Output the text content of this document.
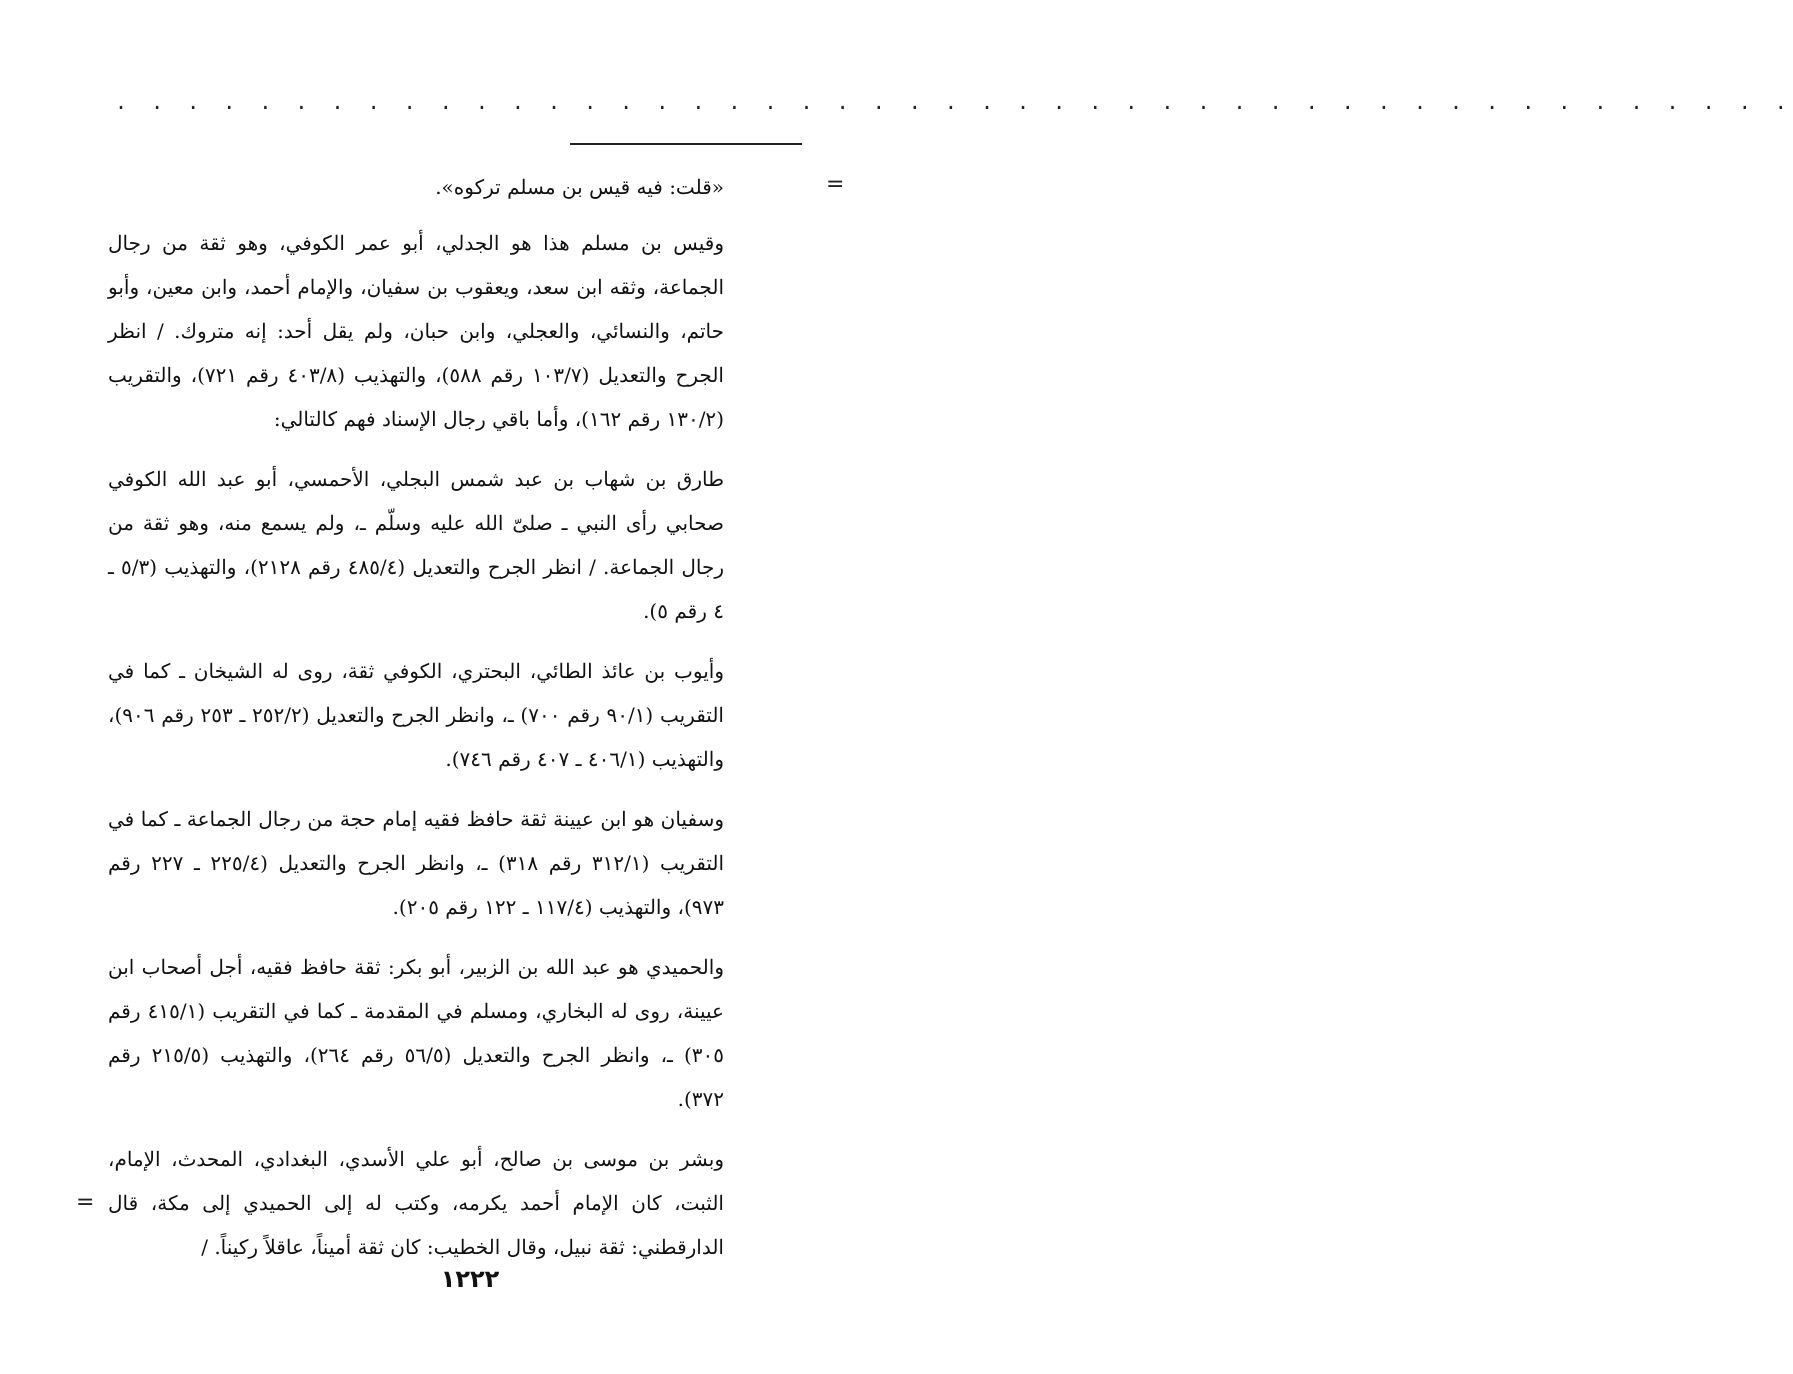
. . . . . . . . . . . . . . . . . . . . . . . . . . . . . . . . . . . . . . . . . . . . . . .
=

«قلت: فيه قيس بن مسلم تركوه».

وقيس بن مسلم هذا هو الجدلي، أبو عمر الكوفي، وهو ثقة من رجال الجماعة، وثقه ابن سعد، ويعقوب بن سفيان، والإمام أحمد، وابن معين، وأبو حاتم، والنسائي، والعجلي، وابن حبان، ولم يقل أحد: إنه متروك. / انظر الجرح والتعديل (١٠٣/٧ رقم ٥٨٨)، والتهذيب (٤٠٣/٨ رقم ٧٢١)، والتقريب (١٣٠/٢ رقم ١٦٢)، وأما باقي رجال الإسناد فهم كالتالي:

طارق بن شهاب بن عبد شمس البجلي، الأحمسي، أبو عبد الله الكوفي صحابي رأى النبي ـ صلىّ الله عليه وسلّم ـ، ولم يسمع منه، وهو ثقة من رجال الجماعة. / انظر الجرح والتعديل (٤٨٥/٤ رقم ٢١٢٨)، والتهذيب (٥/٣ ـ ٤ رقم ٥).

وأيوب بن عائذ الطائي، البحتري، الكوفي ثقة، روى له الشيخان ـ كما في التقريب (٩٠/١ رقم ٧٠٠) ـ، وانظر الجرح والتعديل (٢٥٢/٢ ـ ٢٥٣ رقم ٩٠٦)، والتهذيب (٤٠٦/١ ـ ٤٠٧ رقم ٧٤٦).

وسفيان هو ابن عيينة ثقة حافظ فقيه إمام حجة من رجال الجماعة ـ كما في التقريب (٣١٢/١ رقم ٣١٨) ـ، وانظر الجرح والتعديل (٢٢٥/٤ ـ ٢٢٧ رقم ٩٧٣)، والتهذيب (١١٧/٤ ـ ١٢٢ رقم ٢٠٥).

والحميدي هو عبد الله بن الزبير، أبو بكر: ثقة حافظ فقيه، أجل أصحاب ابن عيينة، روى له البخاري، ومسلم في المقدمة ـ كما في التقريب (٤١٥/١ رقم ٣٠٥) ـ، وانظر الجرح والتعديل (٥٦/٥ رقم ٢٦٤)، والتهذيب (٢١٥/٥ رقم ٣٧٢).

وبشر بن موسى بن صالح، أبو علي الأسدي، البغدادي، المحدث، الإمام، الثبت، كان الإمام أحمد يكرمه، وكتب له إلى الحميدي إلى مكة، قال الدارقطني: ثقة نبيل، وقال الخطيب: كان ثقة أميناً، عاقلاً ركيناً. /

=
١٢٢٢
